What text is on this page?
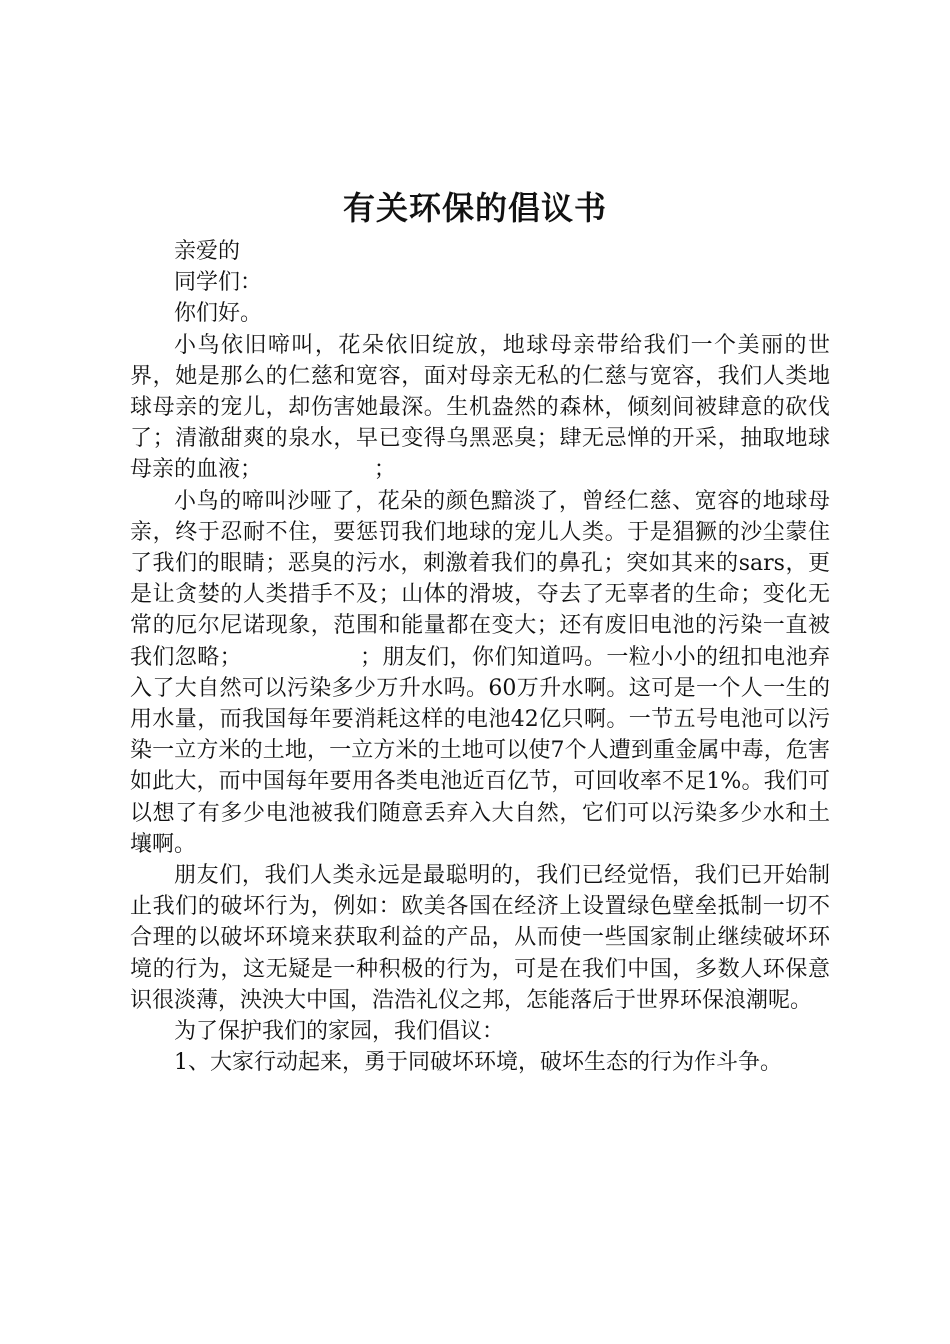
有关环保的倡议书

亲爱的

同学们：

你们好。

小鸟依旧啼叫，花朵依旧绽放，地球母亲带给我们一个美丽的世界，她是那么的仁慈和宽容，面对母亲无私的仁慈与宽容，我们人类地球母亲的宠儿，却伤害她最深。生机盎然的森林，倾刻间被肆意的砍伐了；清澈甜爽的泉水，早已变得乌黑恶臭；肆无忌惮的开采，抽取地球母亲的血液；                ；

小鸟的啼叫沙哑了，花朵的颜色黯淡了，曾经仁慈、宽容的地球母亲，终于忍耐不住，要惩罚我们地球的宠儿人类。于是猖獗的沙尘蒙住了我们的眼睛；恶臭的污水，刺激着我们的鼻孔；突如其来的sars，更是让贪婪的人类措手不及；山体的滑坡，夺去了无辜者的生命；变化无常的厄尔尼诺现象，范围和能量都在变大；还有废旧电池的污染一直被我们忽略；                ；朋友们，你们知道吗。一粒小小的纽扣电池弃入了大自然可以污染多少万升水吗。60万升水啊。这可是一个人一生的用水量，而我国每年要消耗这样的电池42亿只啊。一节五号电池可以污染一立方米的土地，一立方米的土地可以使7个人遭到重金属中毒，危害如此大，而中国每年要用各类电池近百亿节，可回收率不足1%。我们可以想了有多少电池被我们随意丢弃入大自然，它们可以污染多少水和土壤啊。

朋友们，我们人类永远是最聪明的，我们已经觉悟，我们已开始制止我们的破坏行为，例如：欧美各国在经济上设置绿色壁垒抵制一切不合理的以破坏环境来获取利益的产品，从而使一些国家制止继续破坏环境的行为，这无疑是一种积极的行为，可是在我们中国，多数人环保意识很淡薄，泱泱大中国，浩浩礼仪之邦，怎能落后于世界环保浪潮呢。

为了保护我们的家园，我们倡议：

1、大家行动起来，勇于同破坏环境，破坏生态的行为作斗争。
